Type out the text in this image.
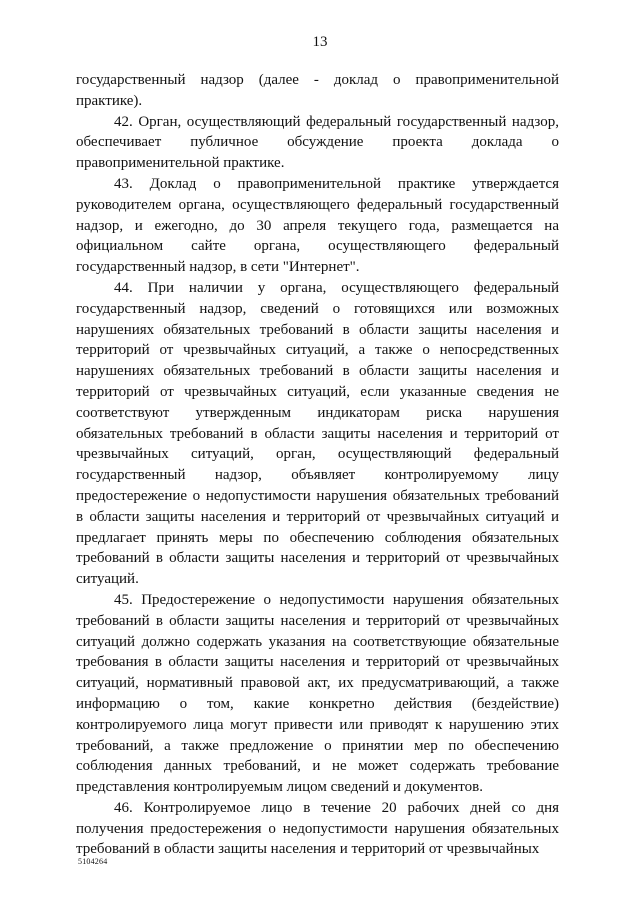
13

государственный надзор (далее - доклад о правоприменительной практике).

42. Орган, осуществляющий федеральный государственный надзор, обеспечивает публичное обсуждение проекта доклада о правоприменительной практике.

43. Доклад о правоприменительной практике утверждается руководителем органа, осуществляющего федеральный государственный надзор, и ежегодно, до 30 апреля текущего года, размещается на официальном сайте органа, осуществляющего федеральный государственный надзор, в сети "Интернет".

44. При наличии у органа, осуществляющего федеральный государственный надзор, сведений о готовящихся или возможных нарушениях обязательных требований в области защиты населения и территорий от чрезвычайных ситуаций, а также о непосредственных нарушениях обязательных требований в области защиты населения и территорий от чрезвычайных ситуаций, если указанные сведения не соответствуют утвержденным индикаторам риска нарушения обязательных требований в области защиты населения и территорий от чрезвычайных ситуаций, орган, осуществляющий федеральный государственный надзор, объявляет контролируемому лицу предостережение о недопустимости нарушения обязательных требований в области защиты населения и территорий от чрезвычайных ситуаций и предлагает принять меры по обеспечению соблюдения обязательных требований в области защиты населения и территорий от чрезвычайных ситуаций.

45. Предостережение о недопустимости нарушения обязательных требований в области защиты населения и территорий от чрезвычайных ситуаций должно содержать указания на соответствующие обязательные требования в области защиты населения и территорий от чрезвычайных ситуаций, нормативный правовой акт, их предусматривающий, а также информацию о том, какие конкретно действия (бездействие) контролируемого лица могут привести или приводят к нарушению этих требований, а также предложение о принятии мер по обеспечению соблюдения данных требований, и не может содержать требование представления контролируемым лицом сведений и документов.

46. Контролируемое лицо в течение 20 рабочих дней со дня получения предостережения о недопустимости нарушения обязательных требований в области защиты населения и территорий от чрезвычайных

5104264
